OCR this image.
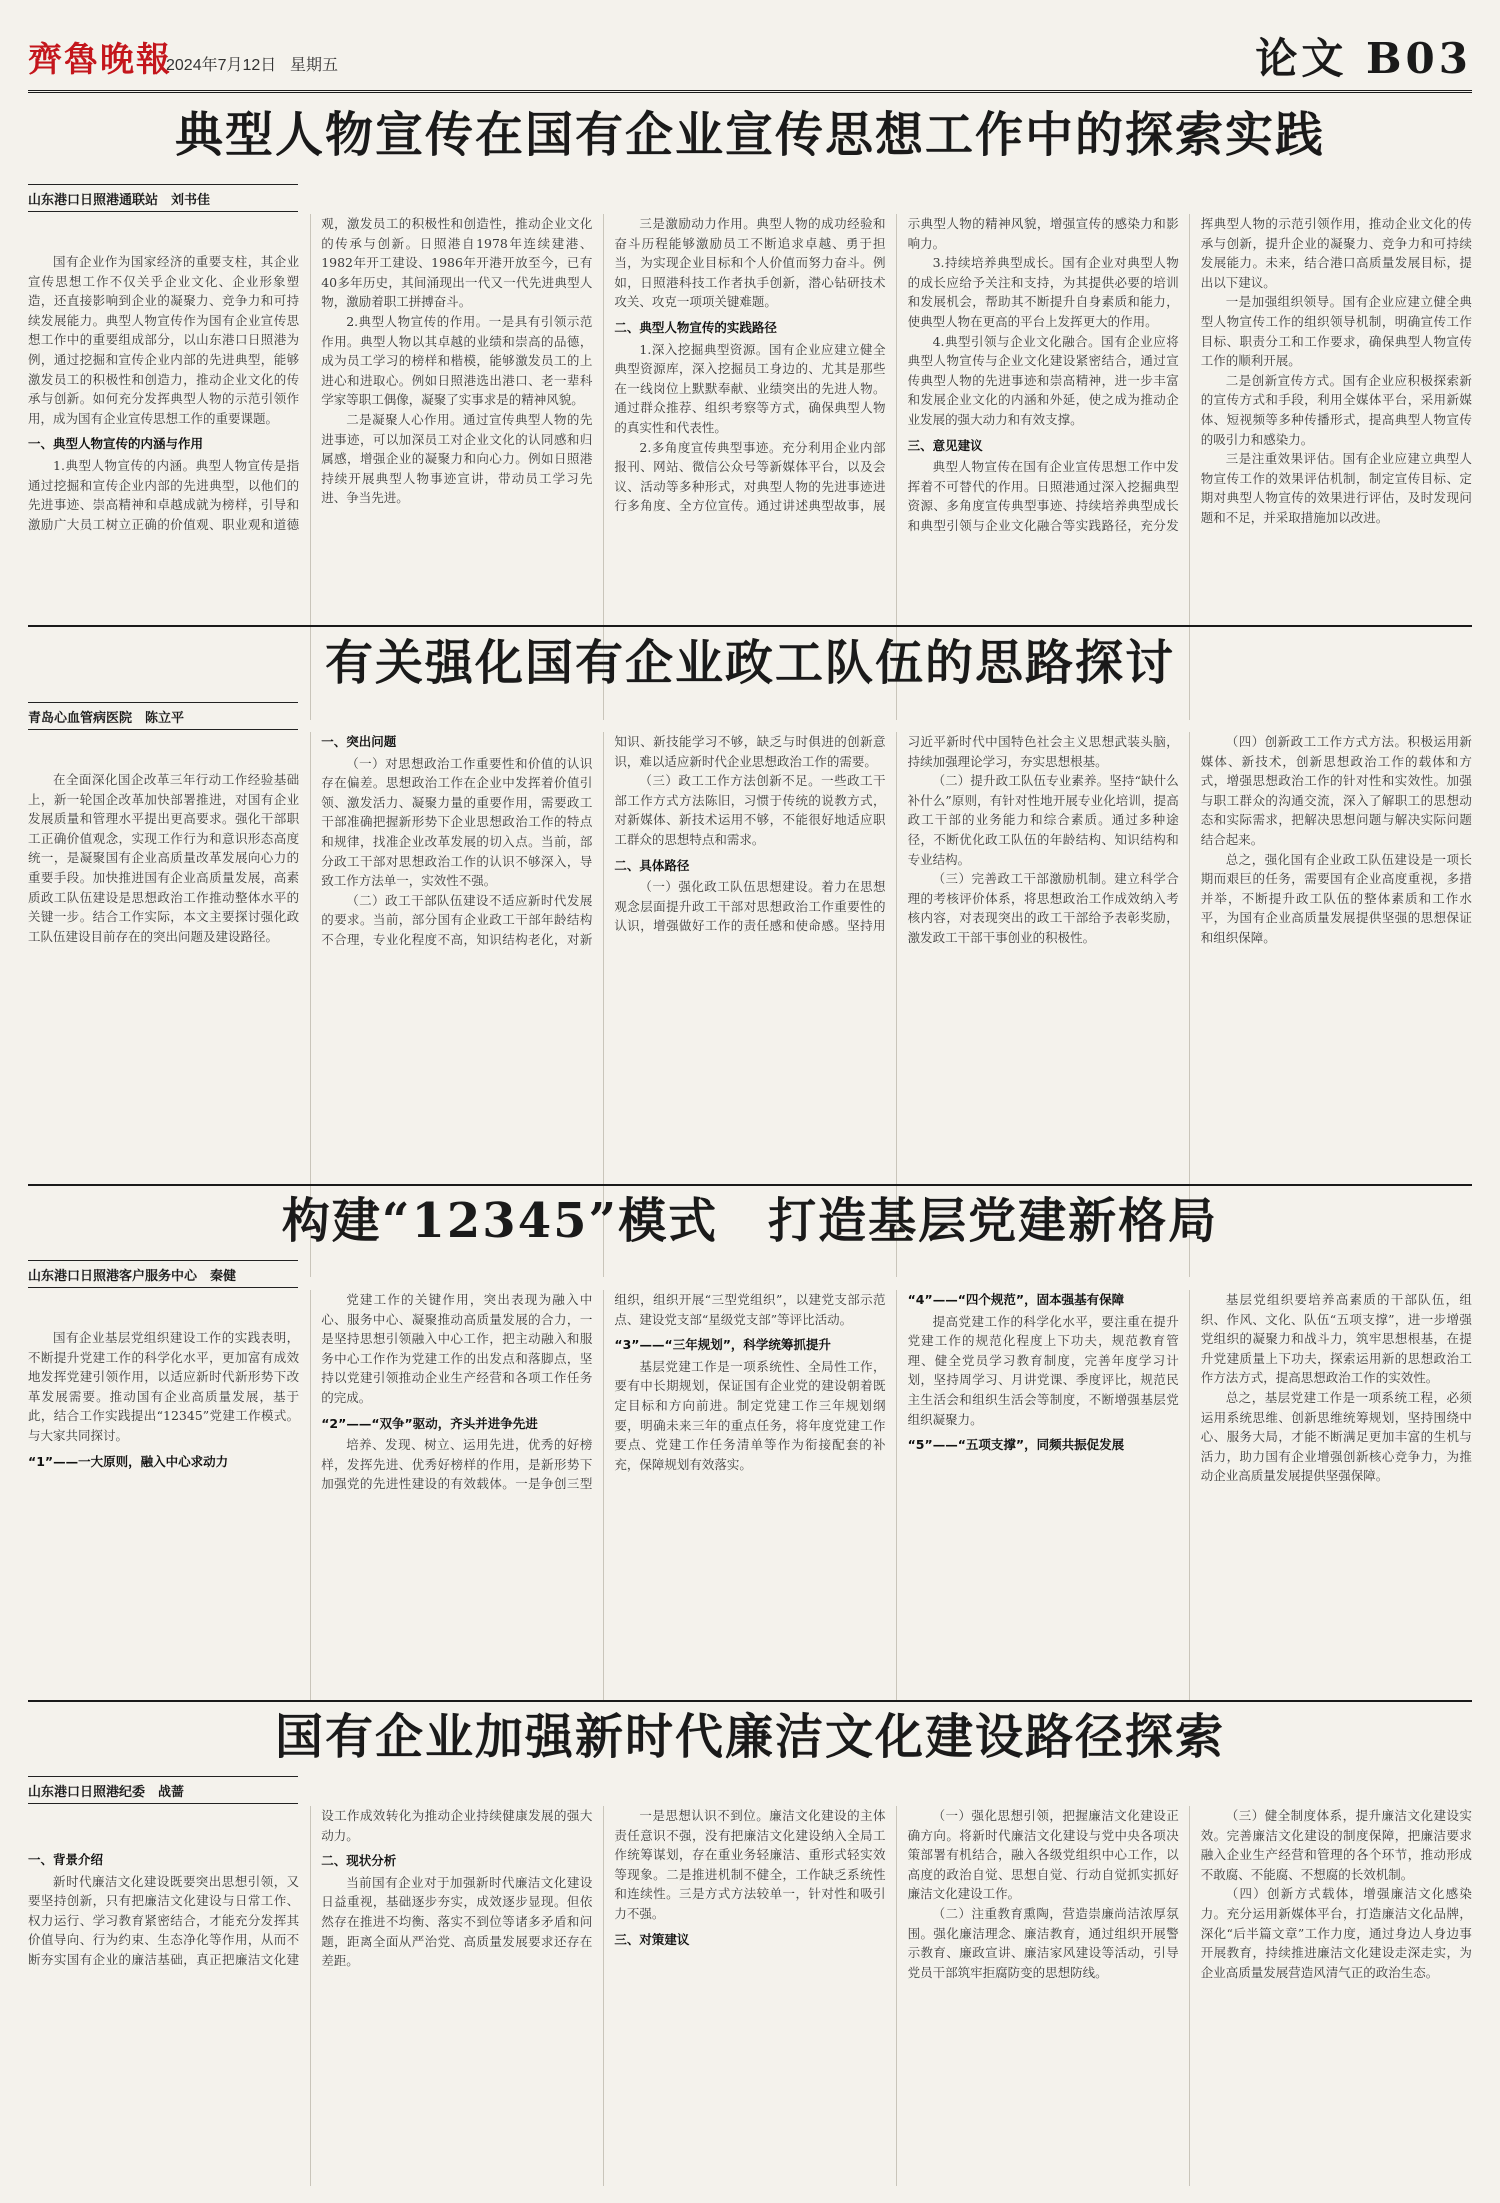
齊魯晚報
2024年7月12日 星期五	论文 B03
典型人物宣传在国有企业宣传思想工作中的探索实践
山东港口日照港通联站　刘书佳

国有企业作为国家经济的重要支柱，其企业宣传思想工作不仅关乎企业文化、企业形象塑造，还直接影响到企业的凝聚力、竞争力和可持续发展能力。典型人物宣传作为国有企业宣传思想工作中的重要组成部分，以山东港口日照港为例，通过挖掘和宣传企业内部的先进典型，能够激发员工的积极性和创造力，推动企业文化的传承与创新。如何充分发挥典型人物的示范引领作用，成为国有企业宣传思想工作的重要课题。

一、典型人物宣传的内涵与作用

1.典型人物宣传的内涵。典型人物宣传是指通过挖掘和宣传企业内部的先进典型，以他们的先进事迹、崇高精神和卓越成就为榜样，引导和激励广大员工树立正确的价值观、职业观和道德观，激发员工的积极性和创造性，推动企业文化的传承与创新。日照港自1978年连续建港、1982年开工建设、1986年开港开放至今，已有40多年历史，其间涌现出一代又一代先进典型人物，激励着职工拼搏奋斗。

2.典型人物宣传的作用。一是具有引领示范作用。典型人物以其卓越的业绩和崇高的品德，成为员工学习的榜样和楷模，能够激发员工的上进心和进取心。例如日照港选出港口、老一辈科学家等职工偶像，凝聚了实事求是的精神风貌。

二是凝聚人心作用。通过宣传典型人物的先进事迹，可以加深员工对企业文化的认同感和归属感，增强企业的凝聚力和向心力。例如日照港持续开展典型人物事迹宣讲，带动员工学习先进、争当先进。

三是激励动力作用。典型人物的成功经验和奋斗历程能够激励员工不断追求卓越、勇于担当，为实现企业目标和个人价值而努力奋斗。例如，日照港科技工作者执手创新，潜心钻研技术攻关、攻克一项项关键难题。

二、典型人物宣传的实践路径

1.深入挖掘典型资源。国有企业应建立健全典型资源库，深入挖掘员工身边的、尤其是那些在一线岗位上默默奉献、业绩突出的先进人物。通过群众推荐、组织考察等方式，确保典型人物的真实性和代表性。

2.多角度宣传典型事迹。充分利用企业内部报刊、网站、微信公众号等新媒体平台，以及会议、活动等多种形式，对典型人物的先进事迹进行多角度、全方位宣传。通过讲述典型故事，展示典型人物的精神风貌，增强宣传的感染力和影响力。

3.持续培养典型成长。国有企业对典型人物的成长应给予关注和支持，为其提供必要的培训和发展机会，帮助其不断提升自身素质和能力，使典型人物在更高的平台上发挥更大的作用。

4.典型引领与企业文化融合。国有企业应将典型人物宣传与企业文化建设紧密结合，通过宣传典型人物的先进事迹和崇高精神，进一步丰富和发展企业文化的内涵和外延，使之成为推动企业发展的强大动力和有效支撑。

三、意见建议

典型人物宣传在国有企业宣传思想工作中发挥着不可替代的作用。日照港通过深入挖掘典型资源、多角度宣传典型事迹、持续培养典型成长和典型引领与企业文化融合等实践路径，充分发挥典型人物的示范引领作用，推动企业文化的传承与创新，提升企业的凝聚力、竞争力和可持续发展能力。未来，结合港口高质量发展目标，提出以下建议。

一是加强组织领导。国有企业应建立健全典型人物宣传工作的组织领导机制，明确宣传工作目标、职责分工和工作要求，确保典型人物宣传工作的顺利开展。

二是创新宣传方式。国有企业应积极探索新的宣传方式和手段，利用全媒体平台，采用新媒体、短视频等多种传播形式，提高典型人物宣传的吸引力和感染力。

三是注重效果评估。国有企业应建立典型人物宣传工作的效果评估机制，制定宣传目标、定期对典型人物宣传的效果进行评估，及时发现问题和不足，并采取措施加以改进。

有关强化国有企业政工队伍的思路探讨
青岛心血管病医院　陈立平

在全面深化国企改革三年行动工作经验基础上，新一轮国企改革加快部署推进，对国有企业发展质量和管理水平提出更高要求。强化干部职工正确价值观念，实现工作行为和意识形态高度统一，是凝聚国有企业高质量改革发展向心力的重要手段。加快推进国有企业高质量发展，高素质政工队伍建设是思想政治工作推动整体水平的关键一步。结合工作实际，本文主要探讨强化政工队伍建设目前存在的突出问题及建设路径。

一、突出问题

（一）对思想政治工作重要性和价值的认识存在偏差。思想政治工作在企业中发挥着价值引领、激发活力、凝聚力量的重要作用，需要政工干部准确把握新形势下企业思想政治工作的特点和规律，找准企业改革发展的切入点。当前，部分政工干部对思想政治工作的认识不够深入，导致工作方法单一，实效性不强。

（二）政工干部队伍建设不适应新时代发展的要求。当前，部分国有企业政工干部年龄结构不合理，专业化程度不高，知识结构老化，对新知识、新技能学习不够，缺乏与时俱进的创新意识，难以适应新时代企业思想政治工作的需要。

（三）政工工作方法创新不足。一些政工干部工作方式方法陈旧，习惯于传统的说教方式，对新媒体、新技术运用不够，不能很好地适应职工群众的思想特点和需求。

二、具体路径

（一）强化政工队伍思想建设。着力在思想观念层面提升政工干部对思想政治工作重要性的认识，增强做好工作的责任感和使命感。坚持用习近平新时代中国特色社会主义思想武装头脑，持续加强理论学习，夯实思想根基。

（二）提升政工队伍专业素养。坚持“缺什么补什么”原则，有针对性地开展专业化培训，提高政工干部的业务能力和综合素质。通过多种途径，不断优化政工队伍的年龄结构、知识结构和专业结构。

（三）完善政工干部激励机制。建立科学合理的考核评价体系，将思想政治工作成效纳入考核内容，对表现突出的政工干部给予表彰奖励，激发政工干部干事创业的积极性。

（四）创新政工工作方式方法。积极运用新媒体、新技术，创新思想政治工作的载体和方式，增强思想政治工作的针对性和实效性。加强与职工群众的沟通交流，深入了解职工的思想动态和实际需求，把解决思想问题与解决实际问题结合起来。

总之，强化国有企业政工队伍建设是一项长期而艰巨的任务，需要国有企业高度重视，多措并举，不断提升政工队伍的整体素质和工作水平，为国有企业高质量发展提供坚强的思想保证和组织保障。

构建“12345”模式　打造基层党建新格局
山东港口日照港客户服务中心　秦健

国有企业基层党组织建设工作的实践表明，不断提升党建工作的科学化水平，更加富有成效地发挥党建引领作用，以适应新时代新形势下改革发展需要。推动国有企业高质量发展，基于此，结合工作实践提出“12345”党建工作模式。与大家共同探讨。

“1”——一大原则，融入中心求动力

党建工作的关键作用，突出表现为融入中心、服务中心、凝聚推动高质量发展的合力，一是坚持思想引领融入中心工作，把主动融入和服务中心工作作为党建工作的出发点和落脚点，坚持以党建引领推动企业生产经营和各项工作任务的完成。

“2”——“双争”驱动，齐头并进争先进

培养、发现、树立、运用先进，优秀的好榜样，发挥先进、优秀好榜样的作用，是新形势下加强党的先进性建设的有效载体。一是争创三型组织，组织开展“三型党组织”，以建党支部示范点、建设党支部“星级党支部”等评比活动。

“3”——“三年规划”，科学统筹抓提升

基层党建工作是一项系统性、全局性工作，要有中长期规划，保证国有企业党的建设朝着既定目标和方向前进。制定党建工作三年规划纲要，明确未来三年的重点任务，将年度党建工作要点、党建工作任务清单等作为衔接配套的补充，保障规划有效落实。

“4”——“四个规范”，固本强基有保障

提高党建工作的科学化水平，要注重在提升党建工作的规范化程度上下功夫，规范教育管理、健全党员学习教育制度，完善年度学习计划，坚持周学习、月讲党课、季度评比，规范民主生活会和组织生活会等制度，不断增强基层党组织凝聚力。

“5”——“五项支撑”，同频共振促发展

基层党组织要培养高素质的干部队伍，组织、作风、文化、队伍“五项支撑”，进一步增强党组织的凝聚力和战斗力，筑牢思想根基，在提升党建质量上下功夫，探索运用新的思想政治工作方法方式，提高思想政治工作的实效性。

总之，基层党建工作是一项系统工程，必须运用系统思维、创新思维统筹规划，坚持围绕中心、服务大局，才能不断满足更加丰富的生机与活力，助力国有企业增强创新核心竞争力，为推动企业高质量发展提供坚强保障。

国有企业加强新时代廉洁文化建设路径探索
山东港口日照港纪委　战蔷

一、背景介绍

新时代廉洁文化建设既要突出思想引领，又要坚持创新，只有把廉洁文化建设与日常工作、权力运行、学习教育紧密结合，才能充分发挥其价值导向、行为约束、生态净化等作用，从而不断夯实国有企业的廉洁基础，真正把廉洁文化建设工作成效转化为推动企业持续健康发展的强大动力。

二、现状分析

当前国有企业对于加强新时代廉洁文化建设日益重视，基础逐步夯实，成效逐步显现。但依然存在推进不均衡、落实不到位等诸多矛盾和问题，距离全面从严治党、高质量发展要求还存在差距。

一是思想认识不到位。廉洁文化建设的主体责任意识不强，没有把廉洁文化建设纳入全局工作统筹谋划，存在重业务轻廉洁、重形式轻实效等现象。二是推进机制不健全，工作缺乏系统性和连续性。三是方式方法较单一，针对性和吸引力不强。

三、对策建议

（一）强化思想引领，把握廉洁文化建设正确方向。将新时代廉洁文化建设与党中央各项决策部署有机结合，融入各级党组织中心工作，以高度的政治自觉、思想自觉、行动自觉抓实抓好廉洁文化建设工作。

（二）注重教育熏陶，营造崇廉尚洁浓厚氛围。强化廉洁理念、廉洁教育，通过组织开展警示教育、廉政宣讲、廉洁家风建设等活动，引导党员干部筑牢拒腐防变的思想防线。

（三）健全制度体系，提升廉洁文化建设实效。完善廉洁文化建设的制度保障，把廉洁要求融入企业生产经营和管理的各个环节，推动形成不敢腐、不能腐、不想腐的长效机制。

（四）创新方式载体，增强廉洁文化感染力。充分运用新媒体平台，打造廉洁文化品牌，深化“后半篇文章”工作力度，通过身边人身边事开展教育，持续推进廉洁文化建设走深走实，为企业高质量发展营造风清气正的政治生态。
